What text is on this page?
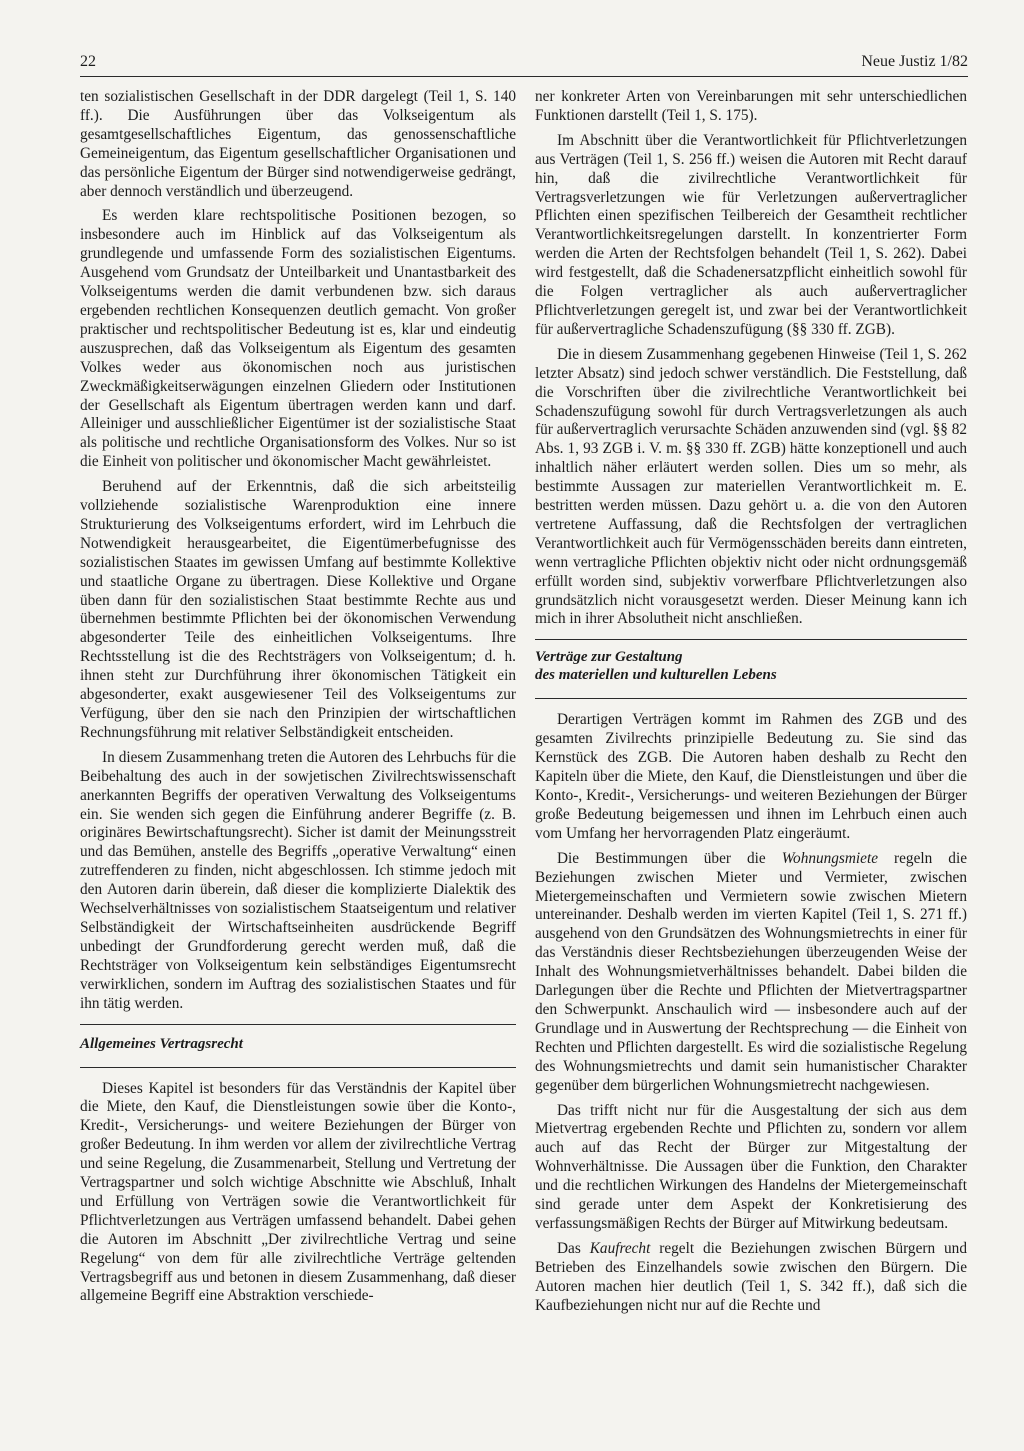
22	Neue Justiz 1/82

ten sozialistischen Gesellschaft in der DDR dargelegt (Teil 1, S. 140 ff.). Die Ausführungen über das Volkseigentum als gesamtgesellschaftliches Eigentum, das genossenschaftliche Gemeineigentum, das Eigentum gesellschaftlicher Organisationen und das persönliche Eigentum der Bürger sind notwendigerweise gedrängt, aber dennoch verständlich und überzeugend.

Es werden klare rechtspolitische Positionen bezogen, so insbesondere auch im Hinblick auf das Volkseigentum als grundlegende und umfassende Form des sozialistischen Eigentums. Ausgehend vom Grundsatz der Unteilbarkeit und Unantastbarkeit des Volkseigentums werden die damit verbundenen bzw. sich daraus ergebenden rechtlichen Konsequenzen deutlich gemacht. Von großer praktischer und rechtspolitischer Bedeutung ist es, klar und eindeutig auszusprechen, daß das Volkseigentum als Eigentum des gesamten Volkes weder aus ökonomischen noch aus juristischen Zweckmäßigkeitserwägungen einzelnen Gliedern oder Institutionen der Gesellschaft als Eigentum übertragen werden kann und darf. Alleiniger und ausschließlicher Eigentümer ist der sozialistische Staat als politische und rechtliche Organisationsform des Volkes. Nur so ist die Einheit von politischer und ökonomischer Macht gewährleistet.

Beruhend auf der Erkenntnis, daß die sich arbeitsteilig vollziehende sozialistische Warenproduktion eine innere Strukturierung des Volkseigentums erfordert, wird im Lehrbuch die Notwendigkeit herausgearbeitet, die Eigentümerbefugnisse des sozialistischen Staates im gewissen Umfang auf bestimmte Kollektive und staatliche Organe zu übertragen. Diese Kollektive und Organe üben dann für den sozialistischen Staat bestimmte Rechte aus und übernehmen bestimmte Pflichten bei der ökonomischen Verwendung abgesonderter Teile des einheitlichen Volkseigentums. Ihre Rechtsstellung ist die des Rechtsträgers von Volkseigentum; d. h. ihnen steht zur Durchführung ihrer ökonomischen Tätigkeit ein abgesonderter, exakt ausgewiesener Teil des Volkseigentums zur Verfügung, über den sie nach den Prinzipien der wirtschaftlichen Rechnungsführung mit relativer Selbständigkeit entscheiden.

In diesem Zusammenhang treten die Autoren des Lehrbuchs für die Beibehaltung des auch in der sowjetischen Zivilrechtswissenschaft anerkannten Begriffs der operativen Verwaltung des Volkseigentums ein. Sie wenden sich gegen die Einführung anderer Begriffe (z. B. originäres Bewirtschaftungsrecht). Sicher ist damit der Meinungsstreit und das Bemühen, anstelle des Begriffs „operative Verwaltung“ einen zutreffenderen zu finden, nicht abgeschlossen. Ich stimme jedoch mit den Autoren darin überein, daß dieser die komplizierte Dialektik des Wechselverhältnisses von sozialistischem Staatseigentum und relativer Selbständigkeit der Wirtschaftseinheiten ausdrückende Begriff unbedingt der Grundforderung gerecht werden muß, daß die Rechtsträger von Volkseigentum kein selbständiges Eigentumsrecht verwirklichen, sondern im Auftrag des sozialistischen Staates und für ihn tätig werden.

Allgemeines Vertragsrecht

Dieses Kapitel ist besonders für das Verständnis der Kapitel über die Miete, den Kauf, die Dienstleistungen sowie über die Konto-, Kredit-, Versicherungs- und weitere Beziehungen der Bürger von großer Bedeutung. In ihm werden vor allem der zivilrechtliche Vertrag und seine Regelung, die Zusammenarbeit, Stellung und Vertretung der Vertragspartner und solch wichtige Abschnitte wie Abschluß, Inhalt und Erfüllung von Verträgen sowie die Verantwortlichkeit für Pflichtverletzungen aus Verträgen umfassend behandelt. Dabei gehen die Autoren im Abschnitt „Der zivilrechtliche Vertrag und seine Regelung“ von dem für alle zivilrechtliche Verträge geltenden Vertragsbegriff aus und betonen in diesem Zusammenhang, daß dieser allgemeine Begriff eine Abstraktion verschiede-

ner konkreter Arten von Vereinbarungen mit sehr unterschiedlichen Funktionen darstellt (Teil 1, S. 175).

Im Abschnitt über die Verantwortlichkeit für Pflichtverletzungen aus Verträgen (Teil 1, S. 256 ff.) weisen die Autoren mit Recht darauf hin, daß die zivilrechtliche Verantwortlichkeit für Vertragsverletzungen wie für Verletzungen außervertraglicher Pflichten einen spezifischen Teilbereich der Gesamtheit rechtlicher Verantwortlichkeitsregelungen darstellt. In konzentrierter Form werden die Arten der Rechtsfolgen behandelt (Teil 1, S. 262). Dabei wird festgestellt, daß die Schadenersatzpflicht einheitlich sowohl für die Folgen vertraglicher als auch außervertraglicher Pflichtverletzungen geregelt ist, und zwar bei der Verantwortlichkeit für außervertragliche Schadenszufügung (§§ 330 ff. ZGB).

Die in diesem Zusammenhang gegebenen Hinweise (Teil 1, S. 262 letzter Absatz) sind jedoch schwer verständlich. Die Feststellung, daß die Vorschriften über die zivilrechtliche Verantwortlichkeit bei Schadenszufügung sowohl für durch Vertragsverletzungen als auch für außervertraglich verursachte Schäden anzuwenden sind (vgl. §§ 82 Abs. 1, 93 ZGB i. V. m. §§ 330 ff. ZGB) hätte konzeptionell und auch inhaltlich näher erläutert werden sollen. Dies um so mehr, als bestimmte Aussagen zur materiellen Verantwortlichkeit m. E. bestritten werden müssen. Dazu gehört u. a. die von den Autoren vertretene Auffassung, daß die Rechtsfolgen der vertraglichen Verantwortlichkeit auch für Vermögensschäden bereits dann eintreten, wenn vertragliche Pflichten objektiv nicht oder nicht ordnungsgemäß erfüllt worden sind, subjektiv vorwerfbare Pflichtverletzungen also grundsätzlich nicht vorausgesetzt werden. Dieser Meinung kann ich mich in ihrer Absolutheit nicht anschließen.

Verträge zur Gestaltung
des materiellen und kulturellen Lebens

Derartigen Verträgen kommt im Rahmen des ZGB und des gesamten Zivilrechts prinzipielle Bedeutung zu. Sie sind das Kernstück des ZGB. Die Autoren haben deshalb zu Recht den Kapiteln über die Miete, den Kauf, die Dienstleistungen und über die Konto-, Kredit-, Versicherungs- und weiteren Beziehungen der Bürger große Bedeutung beigemessen und ihnen im Lehrbuch einen auch vom Umfang her hervorragenden Platz eingeräumt.

Die Bestimmungen über die Wohnungsmiete regeln die Beziehungen zwischen Mieter und Vermieter, zwischen Mietergemeinschaften und Vermietern sowie zwischen Mietern untereinander. Deshalb werden im vierten Kapitel (Teil 1, S. 271 ff.) ausgehend von den Grundsätzen des Wohnungsmietrechts in einer für das Verständnis dieser Rechtsbeziehungen überzeugenden Weise der Inhalt des Wohnungsmietverhältnisses behandelt. Dabei bilden die Darlegungen über die Rechte und Pflichten der Mietvertragspartner den Schwerpunkt. Anschaulich wird — insbesondere auch auf der Grundlage und in Auswertung der Rechtsprechung — die Einheit von Rechten und Pflichten dargestellt. Es wird die sozialistische Regelung des Wohnungsmietrechts und damit sein humanistischer Charakter gegenüber dem bürgerlichen Wohnungsmietrecht nachgewiesen.

Das trifft nicht nur für die Ausgestaltung der sich aus dem Mietvertrag ergebenden Rechte und Pflichten zu, sondern vor allem auch auf das Recht der Bürger zur Mitgestaltung der Wohnverhältnisse. Die Aussagen über die Funktion, den Charakter und die rechtlichen Wirkungen des Handelns der Mietergemeinschaft sind gerade unter dem Aspekt der Konkretisierung des verfassungsmäßigen Rechts der Bürger auf Mitwirkung bedeutsam.

Das Kaufrecht regelt die Beziehungen zwischen Bürgern und Betrieben des Einzelhandels sowie zwischen den Bürgern. Die Autoren machen hier deutlich (Teil 1, S. 342 ff.), daß sich die Kaufbeziehungen nicht nur auf die Rechte und
